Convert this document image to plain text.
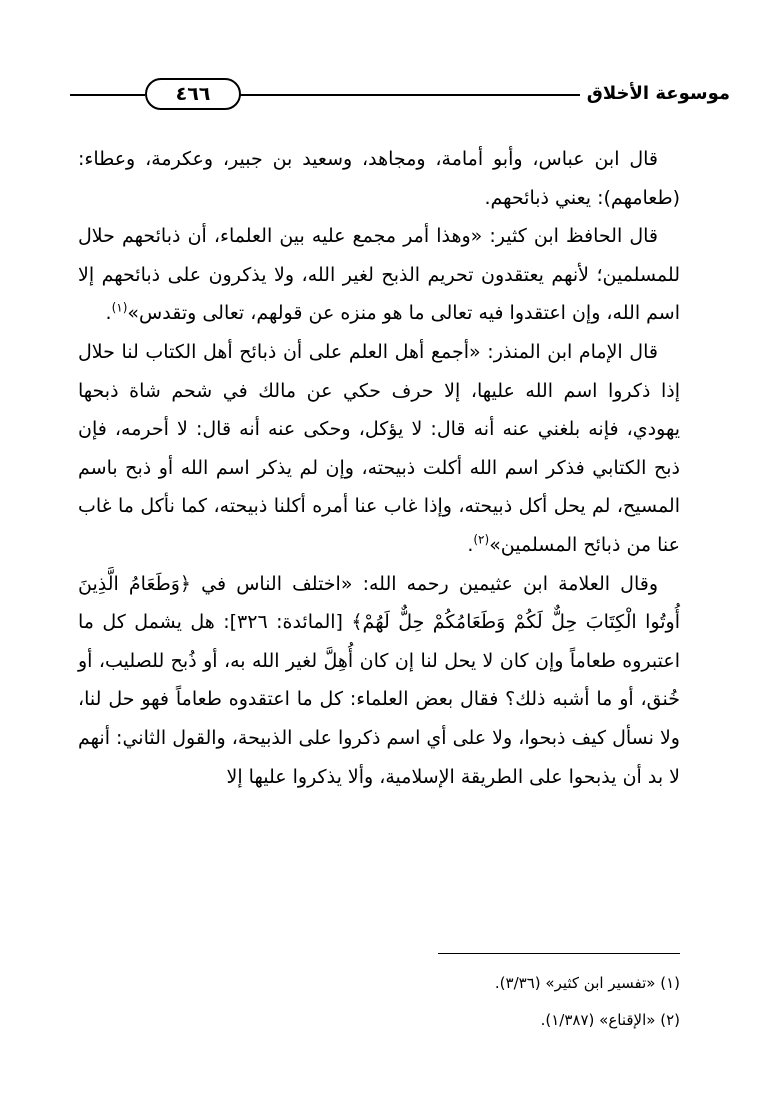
موسوعة الأخلاق
٤٦٦

قال ابن عباس، وأبو أمامة، ومجاهد، وسعيد بن جبير، وعكرمة، وعطاء: (طعامهم): يعني ذبائحهم.

قال الحافظ ابن كثير: «وهذا أمر مجمع عليه بين العلماء، أن ذبائحهم حلال للمسلمين؛ لأنهم يعتقدون تحريم الذبح لغير الله، ولا يذكرون على ذبائحهم إلا اسم الله، وإن اعتقدوا فيه تعالى ما هو منزه عن قولهم، تعالى وتقدس»$^{(١)}$.

قال الإمام ابن المنذر: «أجمع أهل العلم على أن ذبائح أهل الكتاب لنا حلال إذا ذكروا اسم الله عليها، إلا حرف حكي عن مالك في شحم شاة ذبحها يهودي، فإنه بلغني عنه أنه قال: لا يؤكل، وحكى عنه أنه قال: لا أحرمه، فإن ذبح الكتابي فذكر اسم الله أكلت ذبيحته، وإن لم يذكر اسم الله أو ذبح باسم المسيح، لم يحل أكل ذبيحته، وإذا غاب عنا أمره أكلنا ذبيحته، كما نأكل ما غاب عنا من ذبائح المسلمين»$^{(٢)}$.

وقال العلامة ابن عثيمين رحمه الله: «اختلف الناس في ﴿وَطَعَامُ الَّذِينَ أُوتُوا الْكِتَابَ حِلٌّ لَكُمْ وَطَعَامُكُمْ حِلٌّ لَهُمْ﴾ [المائدة: ٣٢٦]: هل يشمل كل ما اعتبروه طعاماً وإن كان لا يحل لنا إن كان أُهِلَّ لغير الله به، أو ذُبح للصليب، أو خُنق، أو ما أشبه ذلك؟ فقال بعض العلماء: كل ما اعتقدوه طعاماً فهو حل لنا، ولا نسأل كيف ذبحوا، ولا على أي اسم ذكروا على الذبيحة، والقول الثاني: أنهم لا بد أن يذبحوا على الطريقة الإسلامية، وألا يذكروا عليها إلا

(١) «تفسير ابن كثير» (٣/٣٦).
(٢) «الإقناع» (١/٣٨٧).
